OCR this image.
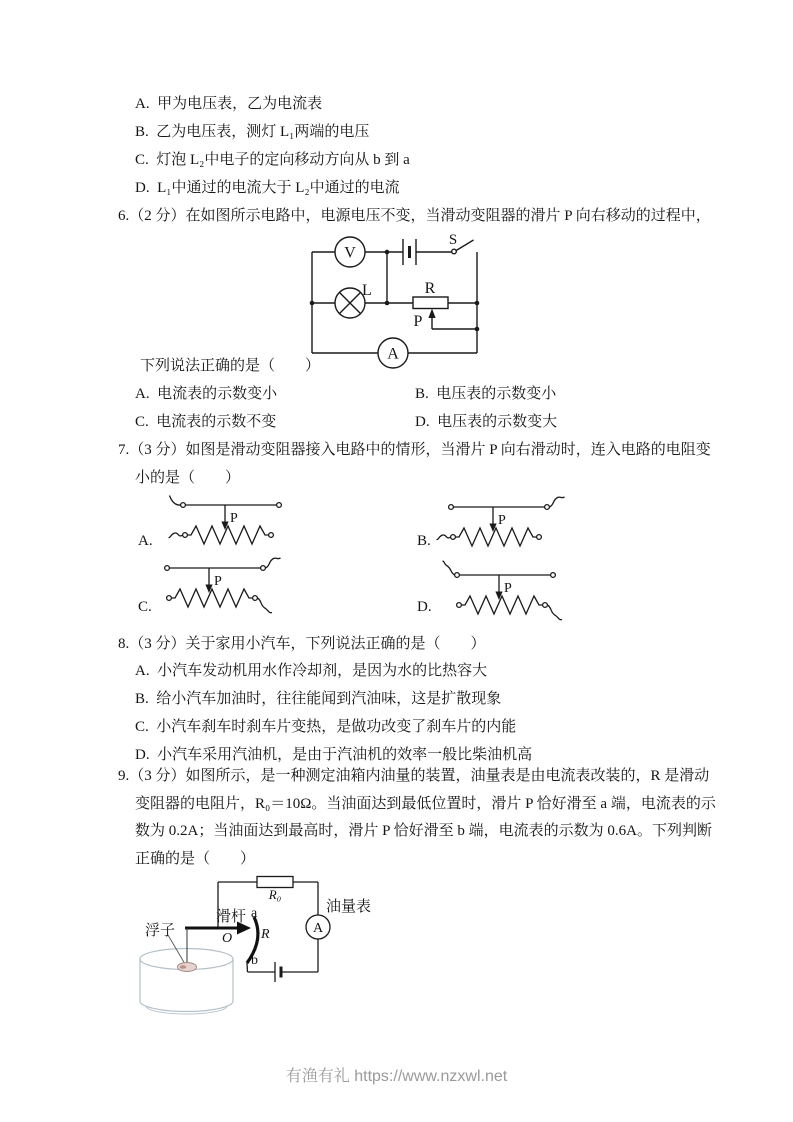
A.  甲为电压表，乙为电流表
B.  乙为电压表，测灯 L₁两端的电压
C.  灯泡 L₂中电子的定向移动方向从 b 到 a
D.  L₁中通过的电流大于 L₂中通过的电流
6.（2 分）在如图所示电路中，电源电压不变，当滑动变阻器的滑片 P 向右移动的过程中，
V
L	R
P
A
S
下列说法正确的是（　　）
A.  电流表的示数变小	B.  电压表的示数变小
C.  电流表的示数不变	D.  电压表的示数变大
7.（3 分）如图是滑动变阻器接入电路中的情形，当滑片 P 向右滑动时，连入电路的电阻变
小的是（　　）
P	P
P	P
A.	B.
C.	D.
8.（3 分）关于家用小汽车，下列说法正确的是（　　）
A.  小汽车发动机用水作冷却剂，是因为水的比热容大
B.  给小汽车加油时，往往能闻到汽油味，这是扩散现象
C.  小汽车刹车时刹车片变热，是做功改变了刹车片的内能
D.  小汽车采用汽油机，是由于汽油机的效率一般比柴油机高
9.（3 分）如图所示，是一种测定油箱内油量的装置，油量表是由电流表改装的，R 是滑动
变阻器的电阻片，R₀＝10Ω。当油面达到最低位置时，滑片 P 恰好滑至 a 端，电流表的示
数为 0.2A；当油面达到最高时，滑片 P 恰好滑至 b 端，电流表的示数为 0.6A。下列判断
正确的是（　　）
浮子
滑杆 a
O R
b
R₀
油量表
A
有渔有礼 https://www.nzxwl.net
